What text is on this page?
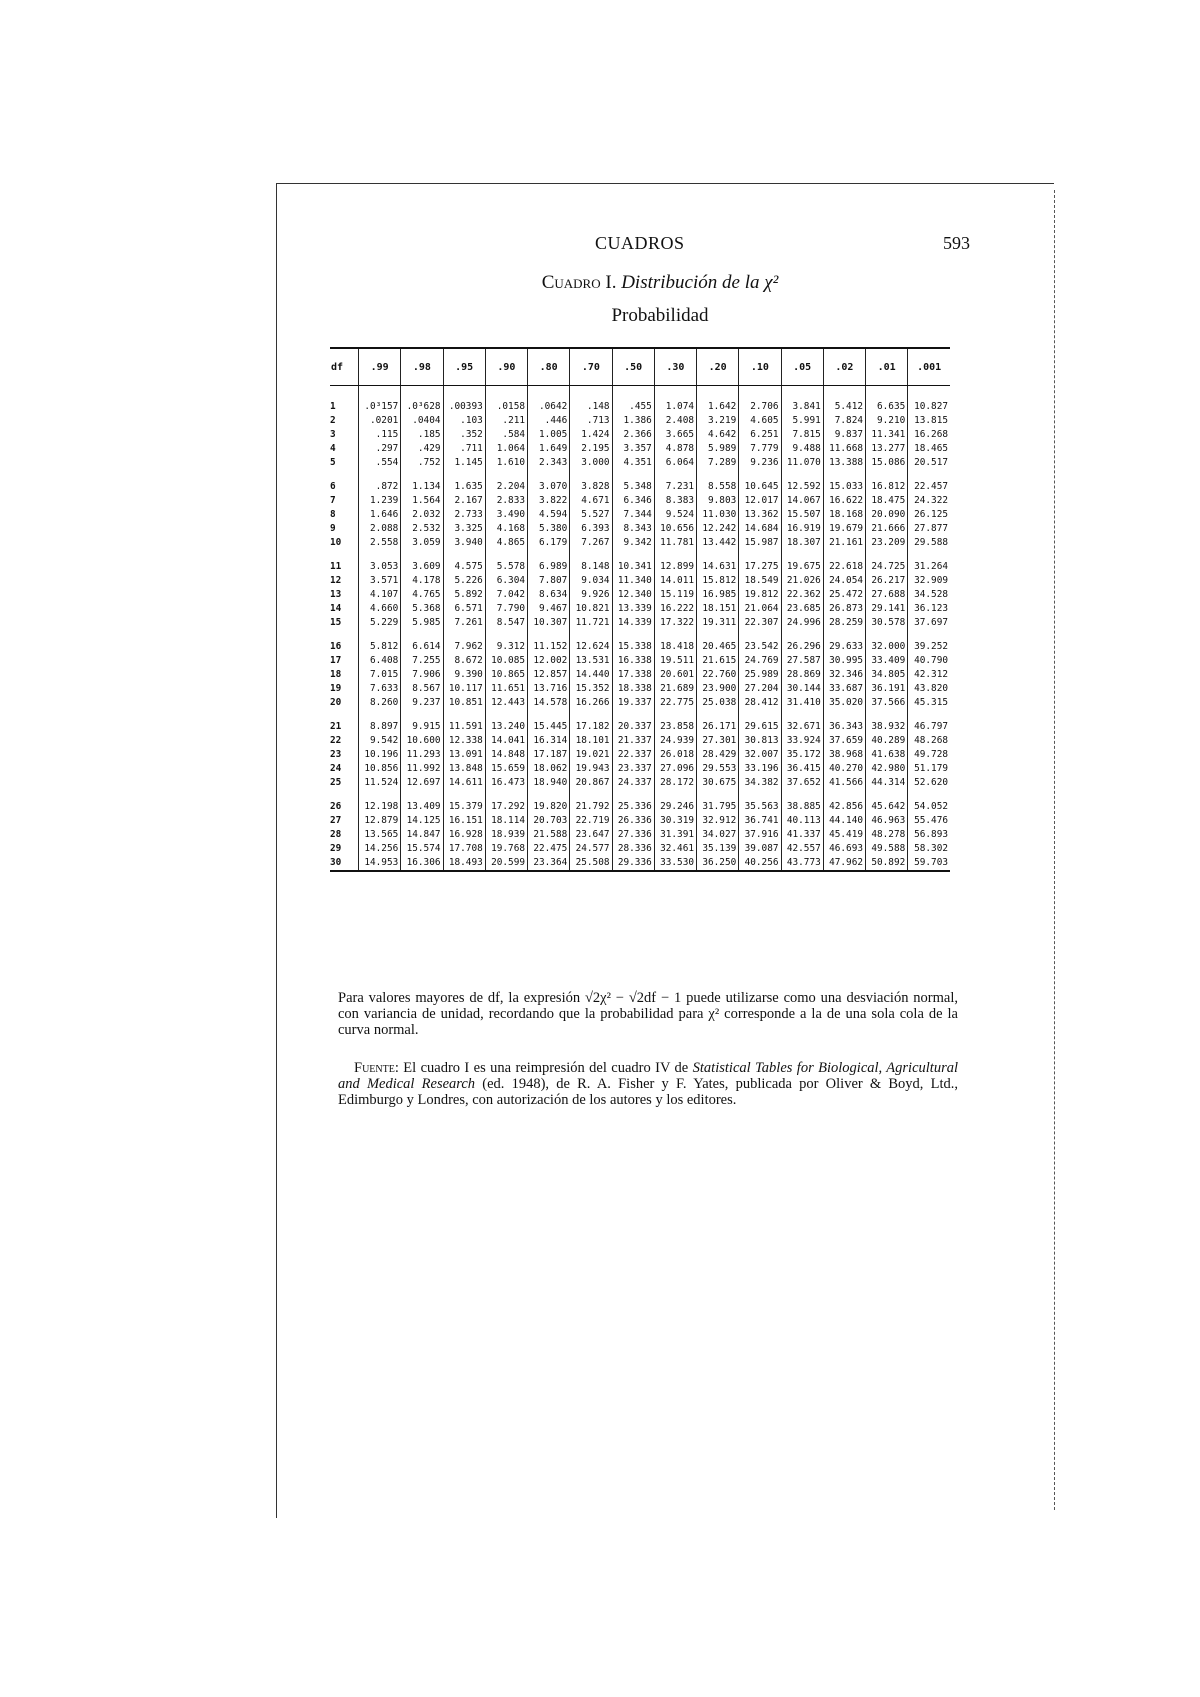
CUADROS	593
Cuadro I. Distribución de la χ²
Probabilidad
df	.99	.98	.95	.90	.80	.70	.50	.30	.20	.10	.05	.02	.01	.001
1	.0³157	.0³628	.00393	.0158	.0642	.148	.455	1.074	1.642	2.706	3.841	5.412	6.635	10.827
2	.0201	.0404	.103	.211	.446	.713	1.386	2.408	3.219	4.605	5.991	7.824	9.210	13.815
3	.115	.185	.352	.584	1.005	1.424	2.366	3.665	4.642	6.251	7.815	9.837	11.341	16.268
4	.297	.429	.711	1.064	1.649	2.195	3.357	4.878	5.989	7.779	9.488	11.668	13.277	18.465
5	.554	.752	1.145	1.610	2.343	3.000	4.351	6.064	7.289	9.236	11.070	13.388	15.086	20.517

6	.872	1.134	1.635	2.204	3.070	3.828	5.348	7.231	8.558	10.645	12.592	15.033	16.812	22.457
7	1.239	1.564	2.167	2.833	3.822	4.671	6.346	8.383	9.803	12.017	14.067	16.622	18.475	24.322
8	1.646	2.032	2.733	3.490	4.594	5.527	7.344	9.524	11.030	13.362	15.507	18.168	20.090	26.125
9	2.088	2.532	3.325	4.168	5.380	6.393	8.343	10.656	12.242	14.684	16.919	19.679	21.666	27.877
10	2.558	3.059	3.940	4.865	6.179	7.267	9.342	11.781	13.442	15.987	18.307	21.161	23.209	29.588

11	3.053	3.609	4.575	5.578	6.989	8.148	10.341	12.899	14.631	17.275	19.675	22.618	24.725	31.264
12	3.571	4.178	5.226	6.304	7.807	9.034	11.340	14.011	15.812	18.549	21.026	24.054	26.217	32.909
13	4.107	4.765	5.892	7.042	8.634	9.926	12.340	15.119	16.985	19.812	22.362	25.472	27.688	34.528
14	4.660	5.368	6.571	7.790	9.467	10.821	13.339	16.222	18.151	21.064	23.685	26.873	29.141	36.123
15	5.229	5.985	7.261	8.547	10.307	11.721	14.339	17.322	19.311	22.307	24.996	28.259	30.578	37.697

16	5.812	6.614	7.962	9.312	11.152	12.624	15.338	18.418	20.465	23.542	26.296	29.633	32.000	39.252
17	6.408	7.255	8.672	10.085	12.002	13.531	16.338	19.511	21.615	24.769	27.587	30.995	33.409	40.790
18	7.015	7.906	9.390	10.865	12.857	14.440	17.338	20.601	22.760	25.989	28.869	32.346	34.805	42.312
19	7.633	8.567	10.117	11.651	13.716	15.352	18.338	21.689	23.900	27.204	30.144	33.687	36.191	43.820
20	8.260	9.237	10.851	12.443	14.578	16.266	19.337	22.775	25.038	28.412	31.410	35.020	37.566	45.315

21	8.897	9.915	11.591	13.240	15.445	17.182	20.337	23.858	26.171	29.615	32.671	36.343	38.932	46.797
22	9.542	10.600	12.338	14.041	16.314	18.101	21.337	24.939	27.301	30.813	33.924	37.659	40.289	48.268
23	10.196	11.293	13.091	14.848	17.187	19.021	22.337	26.018	28.429	32.007	35.172	38.968	41.638	49.728
24	10.856	11.992	13.848	15.659	18.062	19.943	23.337	27.096	29.553	33.196	36.415	40.270	42.980	51.179
25	11.524	12.697	14.611	16.473	18.940	20.867	24.337	28.172	30.675	34.382	37.652	41.566	44.314	52.620

26	12.198	13.409	15.379	17.292	19.820	21.792	25.336	29.246	31.795	35.563	38.885	42.856	45.642	54.052
27	12.879	14.125	16.151	18.114	20.703	22.719	26.336	30.319	32.912	36.741	40.113	44.140	46.963	55.476
28	13.565	14.847	16.928	18.939	21.588	23.647	27.336	31.391	34.027	37.916	41.337	45.419	48.278	56.893
29	14.256	15.574	17.708	19.768	22.475	24.577	28.336	32.461	35.139	39.087	42.557	46.693	49.588	58.302
30	14.953	16.306	18.493	20.599	23.364	25.508	29.336	33.530	36.250	40.256	43.773	47.962	50.892	59.703
Para valores mayores de df, la expresión √2χ² − √2df − 1 puede utilizarse como una desviación normal, con variancia de unidad, recordando que la probabilidad para χ² corresponde a la de una sola cola de la curva normal.
Fuente: El cuadro I es una reimpresión del cuadro IV de Statistical Tables for Biological, Agricultural and Medical Research (ed. 1948), de R. A. Fisher y F. Yates, publicada por Oliver & Boyd, Ltd., Edimburgo y Londres, con autorización de los autores y los editores.
